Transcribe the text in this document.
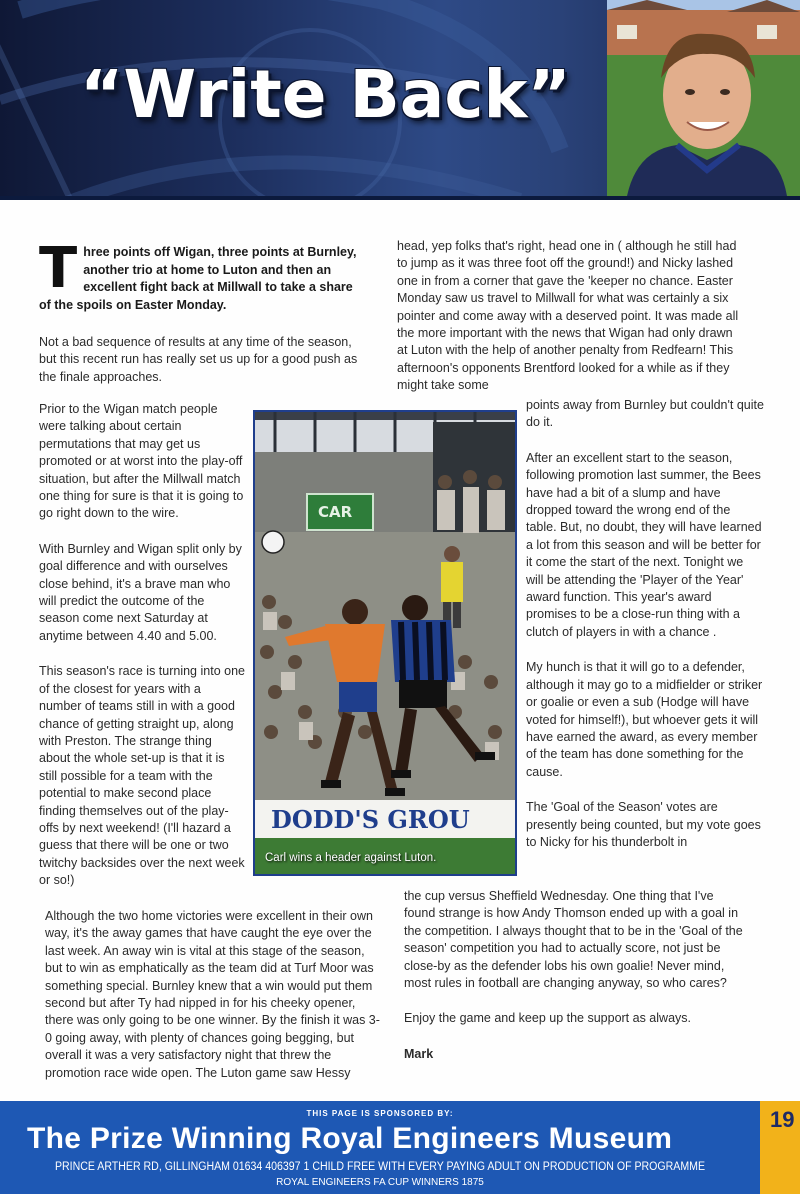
“Write Back”
Three points off Wigan, three points at Burnley, another trio at home to Luton and then an excellent fight back at Millwall to take a share of the spoils on Easter Monday.

Not a bad sequence of results at any time of the season, but this recent run has really set us up for a good push as the finale approaches.

Prior to the Wigan match people were talking about certain permutations that may get us promoted or at worst into the play-off situation, but after the Millwall match one thing for sure is that it is going to go right down to the wire.

With Burnley and Wigan split only by goal difference and with ourselves close behind, it's a brave man who will predict the outcome of the season come next Saturday at anytime between 4.40 and 5.00.

This season's race is turning into one of the closest for years with a number of teams still in with a good chance of getting straight up, along with Preston. The strange thing about the whole set-up is that it is still possible for a team with the potential to make second place finding themselves out of the play-offs by next weekend! (I'll hazard a guess that there will be one or two twitchy backsides over the next week or so!)

Although the two home victories were excellent in their own way, it's the away games that have caught the eye over the last week. An away win is vital at this stage of the season, but to win as emphatically as the team did at Turf Moor was something special. Burnley knew that a win would put them second but after Ty had nipped in for his cheeky opener, there was only going to be one winner. By the finish it was 3-0 going away, with plenty of chances going begging, but overall it was a very satisfactory night that threw the promotion race wide open. The Luton game saw Hessy

head, yep folks that's right, head one in ( although he still had to jump as it was three foot off the ground!) and Nicky lashed one in from a corner that gave the 'keeper no chance. Easter Monday saw us travel to Millwall for what was certainly a six pointer and come away with a deserved point. It was made all the more important with the news that Wigan had only drawn at Luton with the help of another penalty from Redfearn! This afternoon's opponents Brentford looked for a while as if they might take some

points away from Burnley but couldn't quite do it.

After an excellent start to the season, following promotion last summer, the Bees have had a bit of a slump and have dropped toward the wrong end of the table. But, no doubt, they will have learned a lot from this season and will be better for it come the start of the next. Tonight we will be attending the 'Player of the Year' award function. This year's award promises to be a close-run thing with a clutch of players in with a chance .

My hunch is that it will go to a defender, although it may go to a midfielder or striker or goalie or even a sub (Hodge will have voted for himself!), but whoever gets it will have earned the award, as every member of the team has done something for the cause.

The 'Goal of the Season' votes are presently being counted, but my vote goes to Nicky for his thunderbolt in

the cup versus Sheffield Wednesday. One thing that I've found strange is how Andy Thomson ended up with a goal in the competition. I always thought that to be in the 'Goal of the season' competition you had to actually score, not just be close-by as the defender lobs his own goalie! Never mind, most rules in football are changing anyway, so who cares?

Enjoy the game and keep up the support as always.

Mark

CAR
DODD'S GROU
Carl wins a header against Luton.
THIS PAGE IS SPONSORED BY:
The Prize Winning Royal Engineers Museum
PRINCE ARTHER RD, GILLINGHAM 01634 406397 1 CHILD FREE WITH EVERY PAYING ADULT ON PRODUCTION OF PROGRAMME
ROYAL ENGINEERS FA CUP WINNERS 1875
19
